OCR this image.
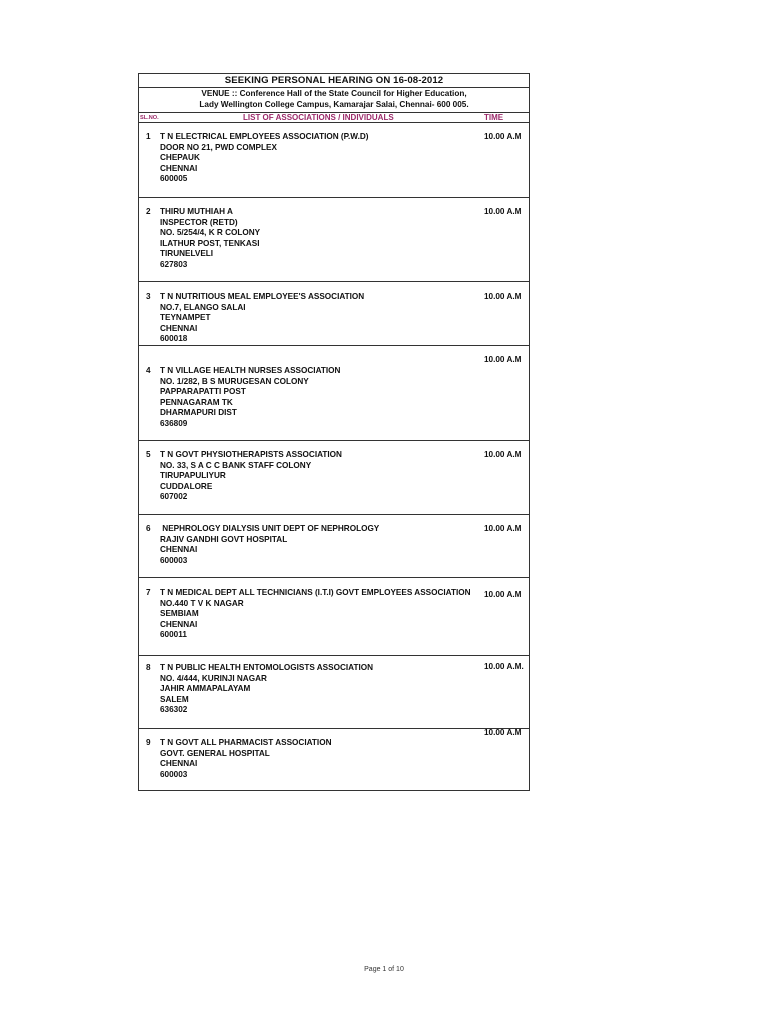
SEEKING PERSONAL HEARING ON 16-08-2012
VENUE :: Conference Hall of the State Council for Higher Education,
Lady Wellington College Campus, Kamarajar Salai, Chennai- 600 005.
SL.NO.	LIST OF ASSOCIATIONS / INDIVIDUALS	TIME
1 T N ELECTRICAL EMPLOYEES ASSOCIATION (P.W.D)
DOOR NO 21, PWD COMPLEX
CHEPAUK
CHENNAI
600005
10.00 A.M
2 THIRU MUTHIAH A
INSPECTOR (RETD)
NO. 5/254/4, K R COLONY
ILATHUR POST, TENKASI
TIRUNELVELI
627803
10.00 A.M
3 T N NUTRITIOUS MEAL EMPLOYEE'S ASSOCIATION
NO.7, ELANGO SALAI
TEYNAMPET
CHENNAI
600018
10.00 A.M
10.00 A.M
4 T N VILLAGE HEALTH NURSES ASSOCIATION
NO. 1/282, B S MURUGESAN COLONY
PAPPARAPATTI POST
PENNAGARAM TK
DHARMAPURI DIST
636809
5 T N GOVT PHYSIOTHERAPISTS ASSOCIATION
NO. 33, S A C C BANK STAFF COLONY
TIRUPAPULIYUR
CUDDALORE
607002
10.00 A.M
6 NEPHROLOGY DIALYSIS UNIT DEPT OF NEPHROLOGY
RAJIV GANDHI GOVT HOSPITAL
CHENNAI
600003
10.00 A.M
7 T N MEDICAL DEPT ALL TECHNICIANS (I.T.I) GOVT EMPLOYEES ASSOCIATION
NO.440 T V K NAGAR
SEMBIAM
CHENNAI
600011
10.00 A.M
8 T N PUBLIC HEALTH ENTOMOLOGISTS ASSOCIATION
NO. 4/444, KURINJI NAGAR
JAHIR AMMAPALAYAM
SALEM
636302
10.00 A.M.
10.00 A.M
9 T N GOVT ALL PHARMACIST ASSOCIATION
GOVT. GENERAL HOSPITAL
CHENNAI
600003
Page 1 of 10
